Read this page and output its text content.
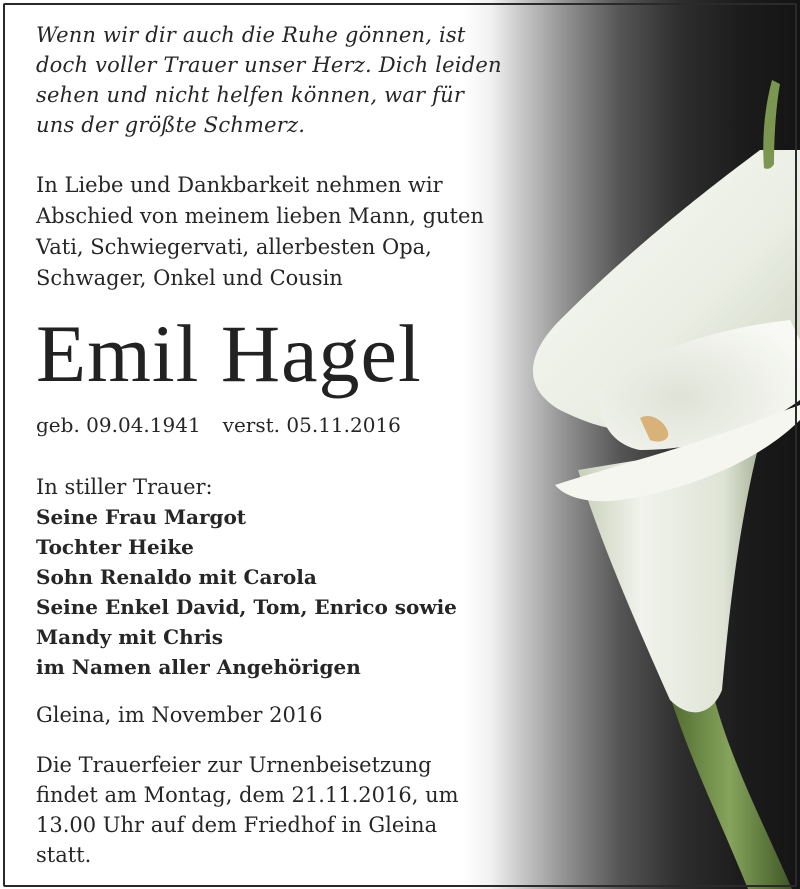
Wenn wir dir auch die Ruhe gönnen, ist

doch voller Trauer unser Herz. Dich leiden

sehen und nicht helfen können, war für

uns der größte Schmerz.

In Liebe und Dankbarkeit nehmen wir

Abschied von meinem lieben Mann, guten

Vati, Schwiegervati, allerbesten Opa,

Schwager, Onkel und Cousin

Emil Hagel

geb. 09.04.1941 verst. 05.11.2016

In stiller Trauer:

Seine Frau Margot

Tochter Heike

Sohn Renaldo mit Carola

Seine Enkel David, Tom, Enrico sowie

Mandy mit Chris

im Namen aller Angehörigen

Gleina, im November 2016

Die Trauerfeier zur Urnenbeisetzung

findet am Montag, dem 21.11.2016, um

13.00 Uhr auf dem Friedhof in Gleina

statt.
